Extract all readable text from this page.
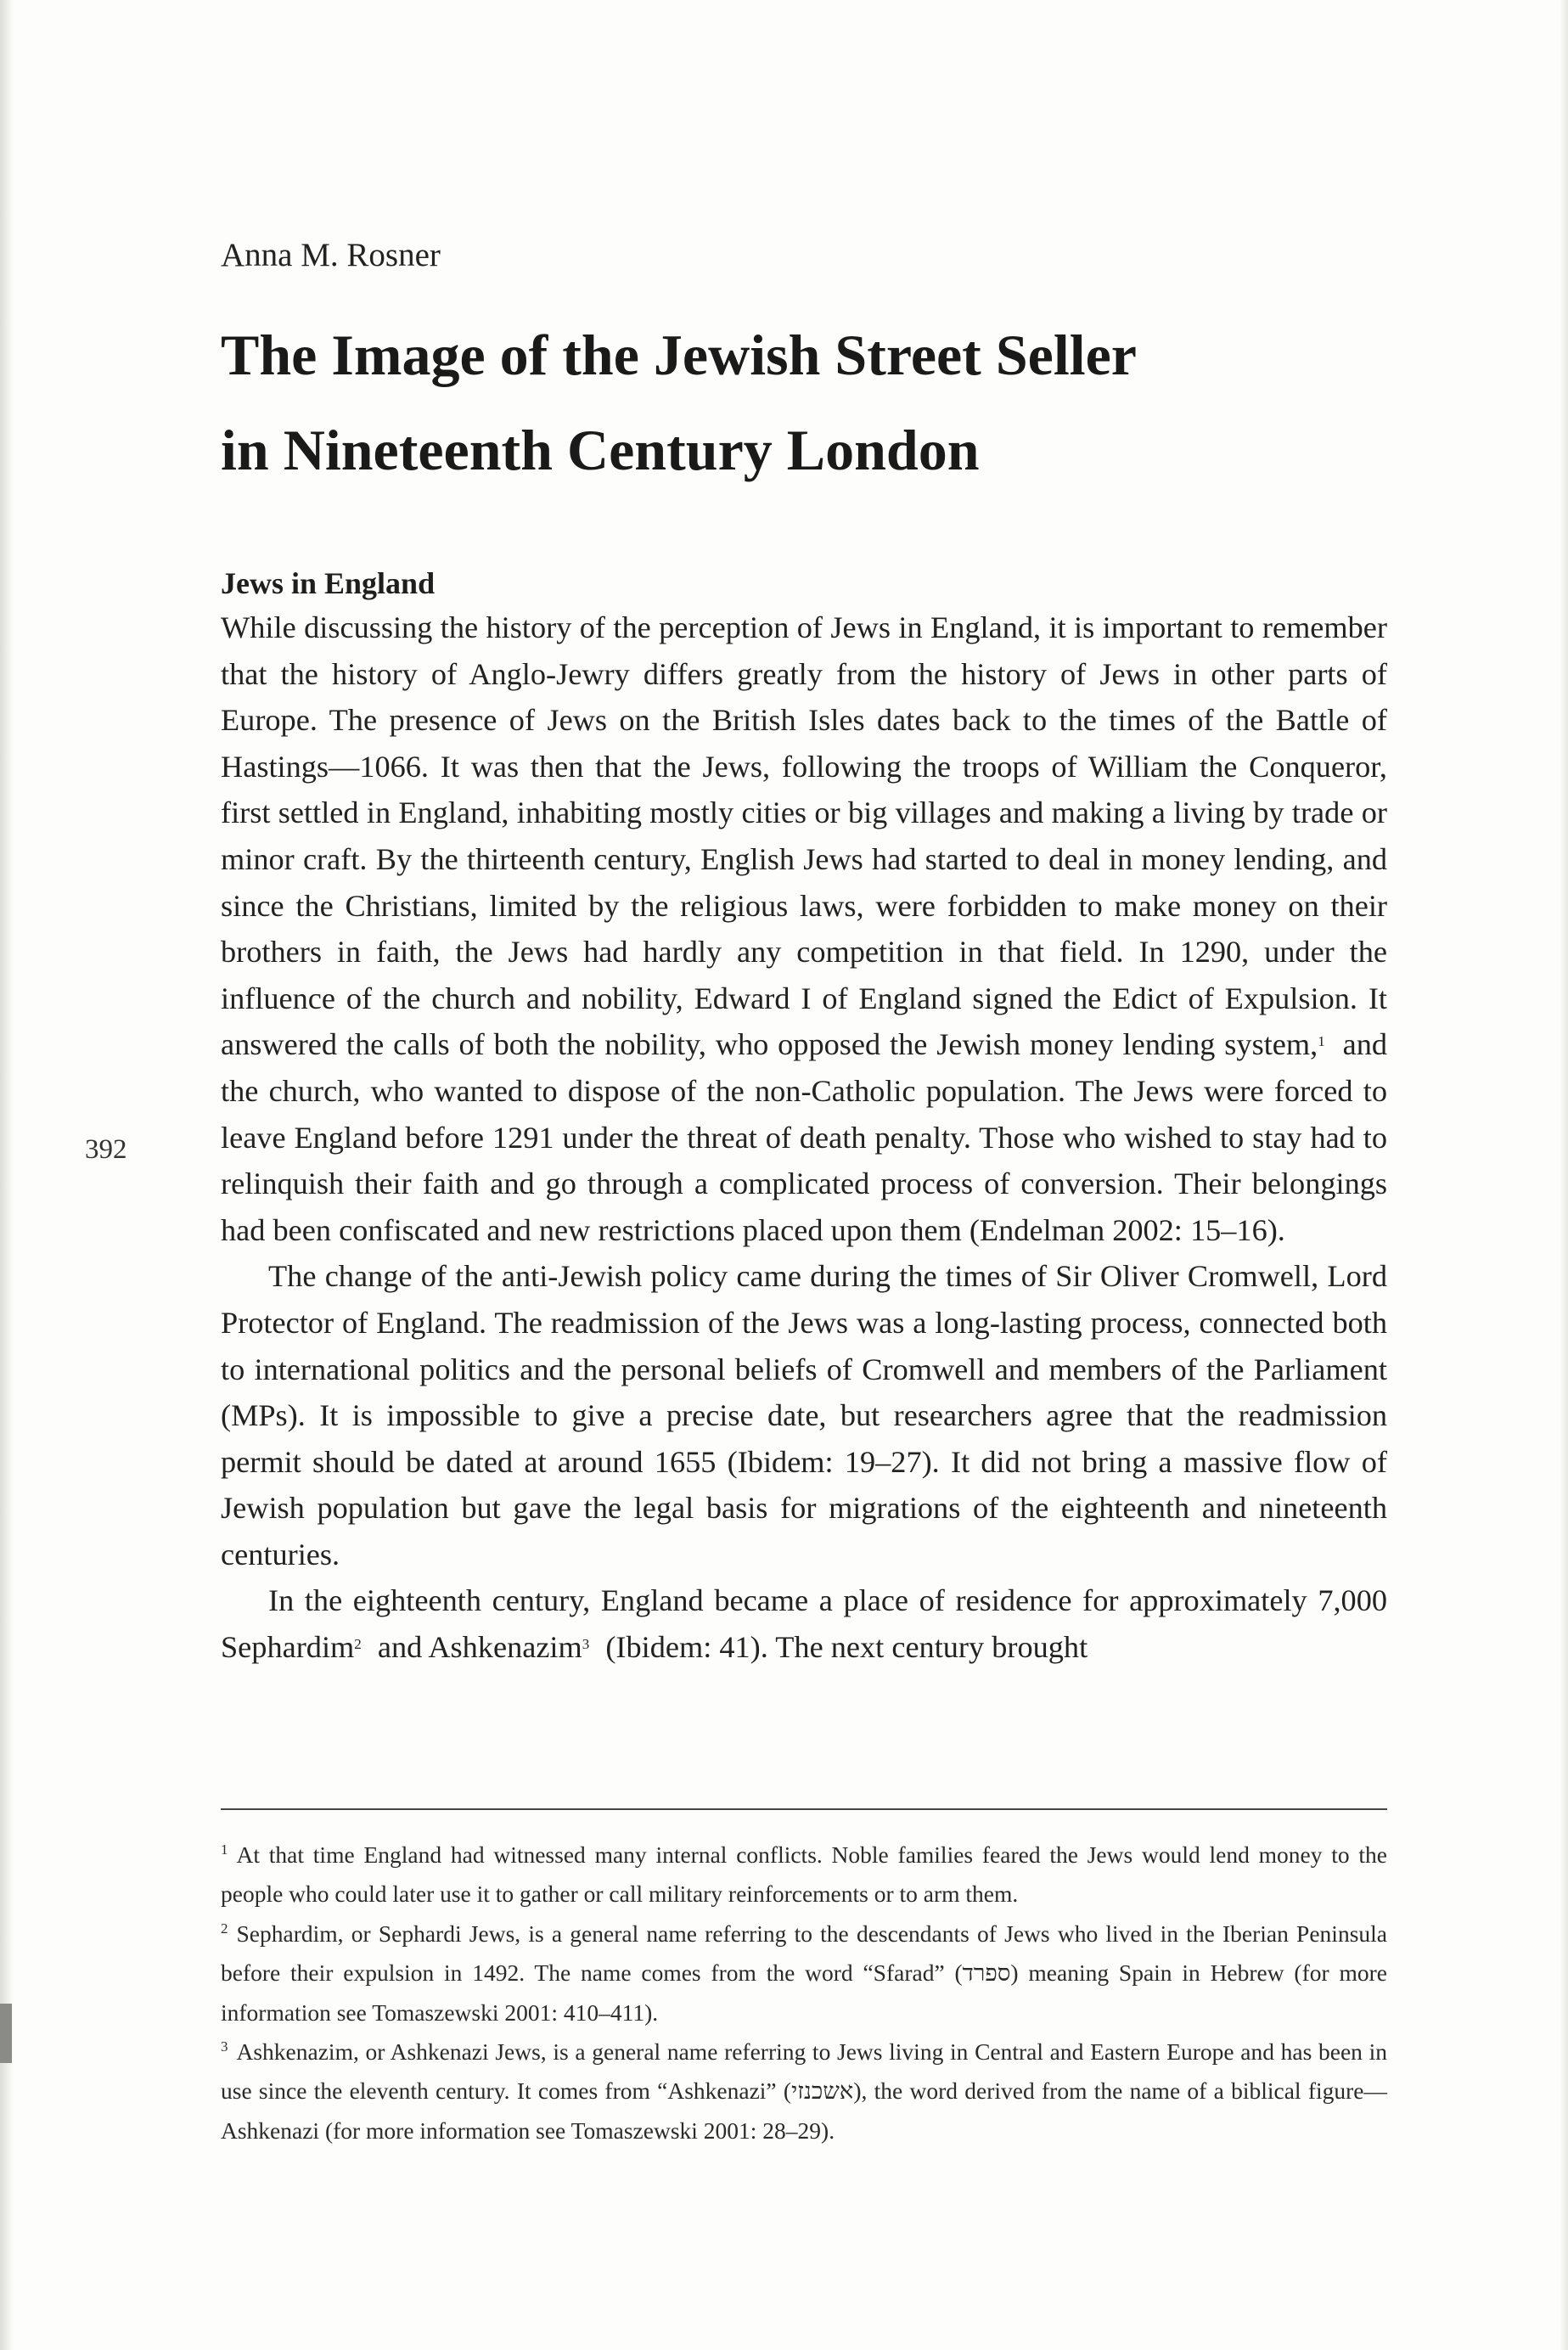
392
Anna M. Rosner
The Image of the Jewish Street Seller
in Nineteenth Century London
Jews in England

While discussing the history of the perception of Jews in England, it is important to remember that the history of Anglo-Jewry differs greatly from the history of Jews in other parts of Europe. The presence of Jews on the British Isles dates back to the times of the Battle of Hastings—1066. It was then that the Jews, following the troops of William the Conqueror, first settled in England, inhabiting mostly cities or big villages and making a living by trade or minor craft. By the thirteenth century, English Jews had started to deal in money lending, and since the Christians, limited by the religious laws, were forbidden to make money on their brothers in faith, the Jews had hardly any competition in that field. In 1290, under the influence of the church and nobility, Edward I of England signed the Edict of Expulsion. It answered the calls of both the nobility, who opposed the Jewish money lending system,$^1$ and the church, who wanted to dispose of the non-Catholic population. The Jews were forced to leave England before 1291 under the threat of death penalty. Those who wished to stay had to relinquish their faith and go through a complicated process of conversion. Their belongings had been confiscated and new restrictions placed upon them (Endelman 2002: 15–16).

The change of the anti-Jewish policy came during the times of Sir Oliver Cromwell, Lord Protector of England. The readmission of the Jews was a long-lasting process, connected both to international politics and the personal beliefs of Cromwell and members of the Parliament (MPs). It is impossible to give a precise date, but researchers agree that the readmission permit should be dated at around 1655 (Ibidem: 19–27). It did not bring a massive flow of Jewish population but gave the legal basis for migrations of the eighteenth and nineteenth centuries.

In the eighteenth century, England became a place of residence for approximately 7,000 Sephardim$^2$ and Ashkenazim$^3$ (Ibidem: 41). The next century brought

$^1$ At that time England had witnessed many internal conflicts. Noble families feared the Jews would lend money to the people who could later use it to gather or call military reinforcements or to arm them.

$^2$ Sephardim, or Sephardi Jews, is a general name referring to the descendants of Jews who lived in the Iberian Peninsula before their expulsion in 1492. The name comes from the word “Sfarad” (ספרד) meaning Spain in Hebrew (for more information see Tomaszewski 2001: 410–411).

$^3$ Ashkenazim, or Ashkenazi Jews, is a general name referring to Jews living in Central and Eastern Europe and has been in use since the eleventh century. It comes from “Ashkenazi” (אשכנזי), the word derived from the name of a biblical figure—Ashkenazi (for more information see Tomaszewski 2001: 28–29).
